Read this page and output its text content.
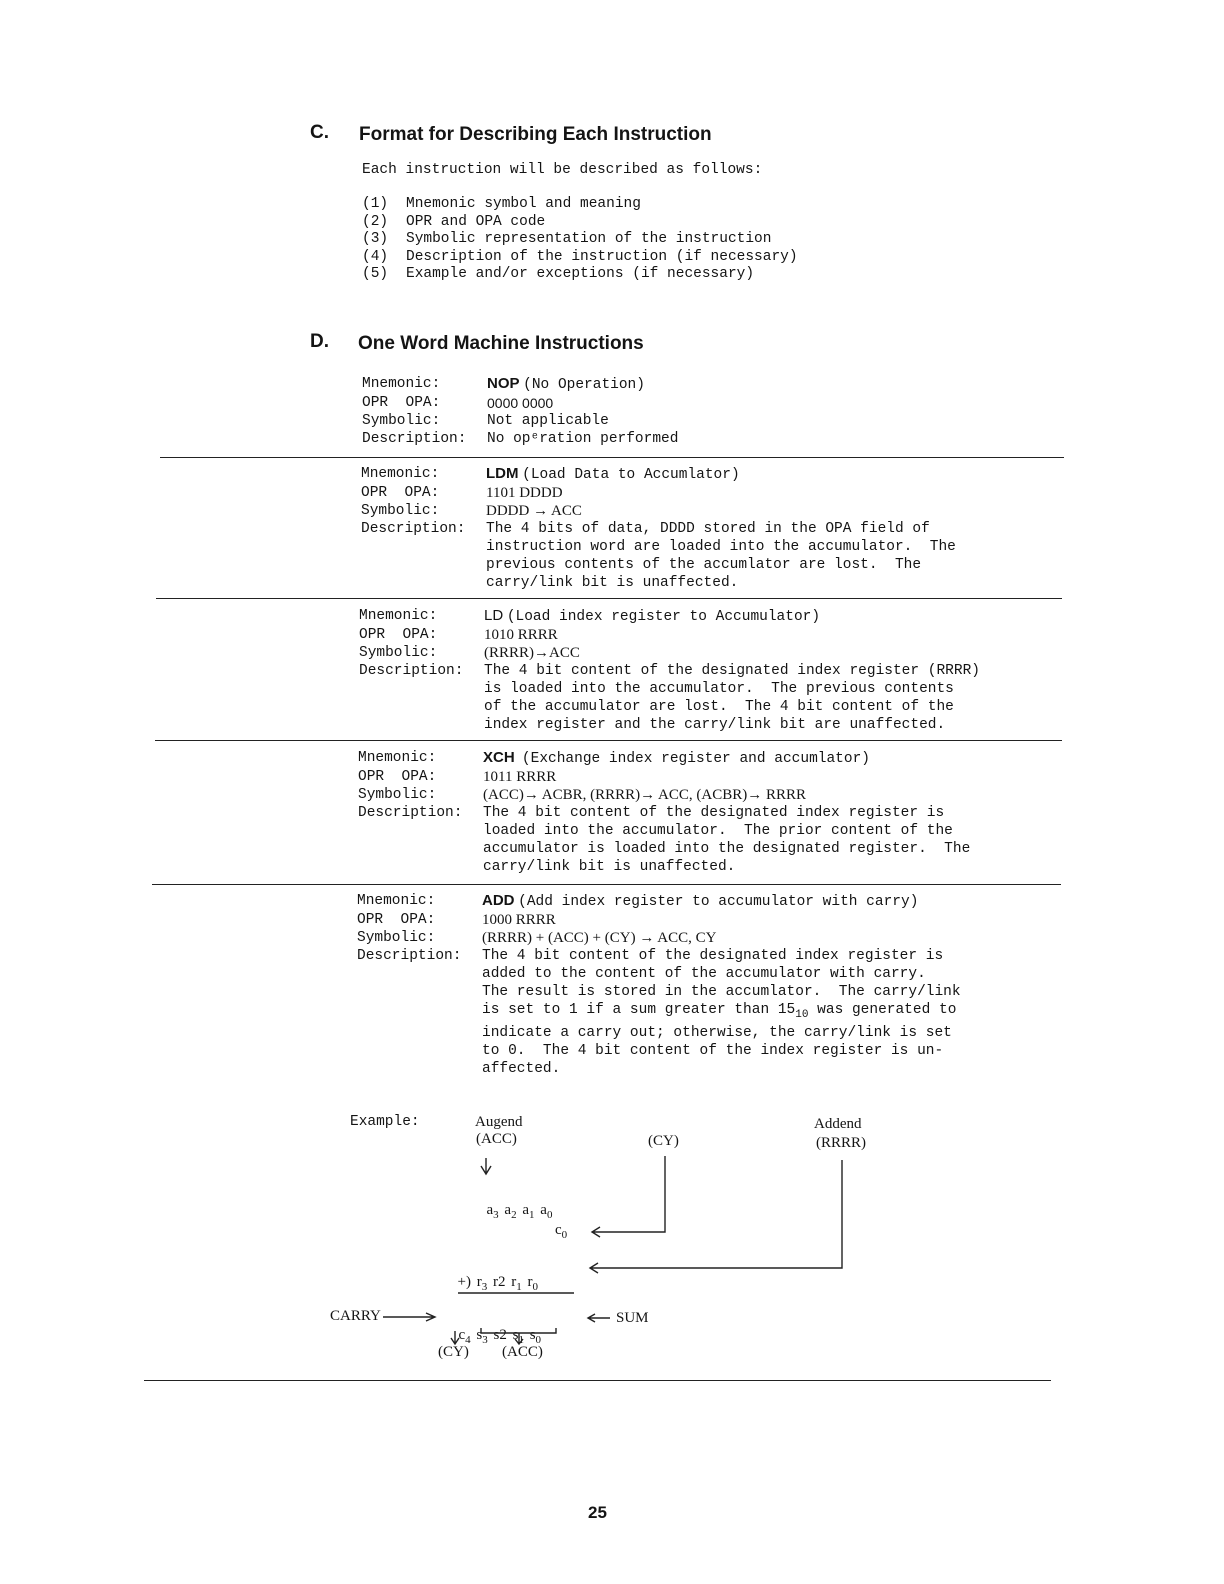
C. Format for Describing Each Instruction
Each instruction will be described as follows:
(1)	Mnemonic symbol and meaning
(2)	OPR and OPA code
(3)	Symbolic representation of the instruction
(4)	Description of the instruction (if necessary)
(5)	Example and/or exceptions (if necessary)
D. One Word Machine Instructions
Mnemonic:	NOP (No Operation)
OPR  OPA:	0000 0000
Symbolic:	Not applicable
Description:	No opᵉration performed
Mnemonic:	LDM (Load Data to Accumlator)
OPR  OPA:	1101 DDDD
Symbolic:	DDDD → ACC
Description:	The 4 bits of data, DDDD stored in the OPA field of
instruction word are loaded into the accumulator.  The
previous contents of the accumlator are lost.  The
carry/link bit is unaffected.
Mnemonic:	LD (Load index register to Accumulator)
OPR  OPA:	1010 RRRR
Symbolic:	(RRRR)→ACC
Description:	The 4 bit content of the designated index register (RRRR)
is loaded into the accumulator.  The previous contents
of the accumulator are lost.  The 4 bit content of the
index register and the carry/link bit are unaffected.
Mnemonic:	XCH (Exchange index register and accumlator)
OPR  OPA:	1011 RRRR
Symbolic:	(ACC)→ ACBR, (RRRR)→ ACC, (ACBR)→ RRRR
Description:	The 4 bit content of the designated index register is
loaded into the accumulator.  The prior content of the
accumulator is loaded into the designated register.  The
carry/link bit is unaffected.
Mnemonic:	ADD (Add index register to accumulator with carry)
OPR  OPA:	1000 RRRR
Symbolic:	(RRRR) + (ACC) + (CY) → ACC, CY
Description:	The 4 bit content of the designated index register is
added to the content of the accumulator with carry.
The result is stored in the accumlator.  The carry/link
is set to 1 if a sum greater than $15_{10}$ was generated to
indicate a carry out; otherwise, the carry/link is set
to 0.  The 4 bit content of the index register is un-
affected.
Example:	Augend
(ACC)	(CY)
Addend
(RRRR)

$a_3$ $a_2$ $a_1$ $a_0$

$c_0$

+) $r_3$ r2 $r_1$ $r_0$

CARRY	SUM

$c_4$ $s_3$ s2 $s_1$ $s_0$

(CY) (ACC)
25
